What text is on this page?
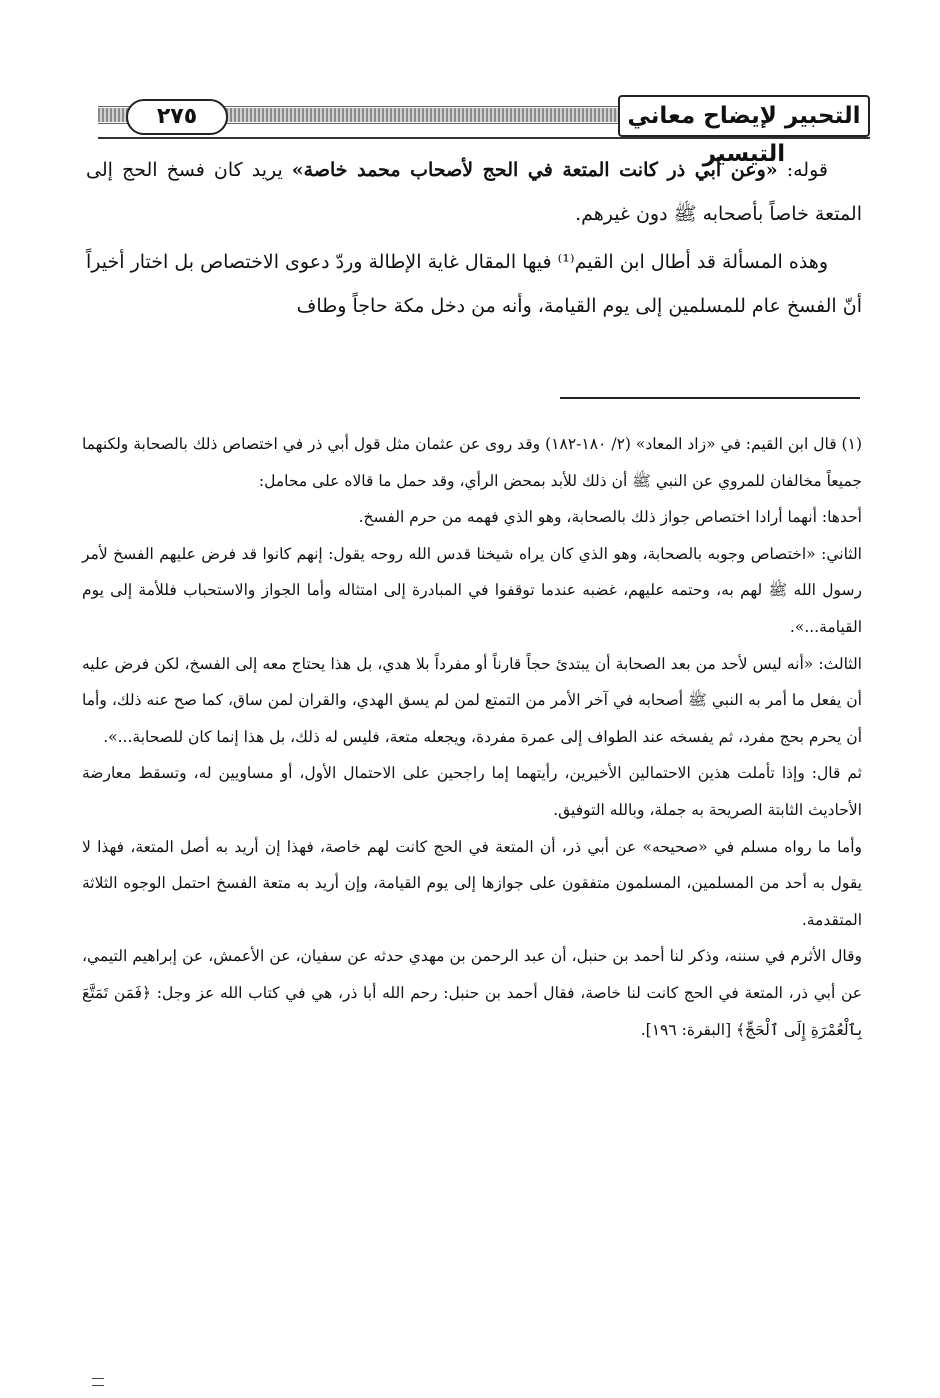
٢٧٥	التحبير لإيضاح معاني التيسير

قوله: «وعن أبي ذر كانت المتعة في الحج لأصحاب محمد خاصة» يريد كان فسخ الحج إلى المتعة خاصاً بأصحابه ﷺ دون غيرهم.

وهذه المسألة قد أطال ابن القيم⁽¹⁾ فيها المقال غاية الإطالة وردّ دعوى الاختصاص بل اختار أخيراً أنّ الفسخ عام للمسلمين إلى يوم القيامة، وأنه من دخل مكة حاجاً وطاف

(١) قال ابن القيم: في «زاد المعاد» (٢/ ١٨٠-١٨٢) وقد روى عن عثمان مثل قول أبي ذر في اختصاص ذلك بالصحابة ولكنهما جميعاً مخالفان للمروي عن النبي ﷺ أن ذلك للأبد بمحض الرأي، وقد حمل ما قالاه على محامل:

أحدها: أنهما أرادا اختصاص جواز ذلك بالصحابة، وهو الذي فهمه من حرم الفسخ.

الثاني: «اختصاص وجوبه بالصحابة، وهو الذي كان يراه شيخنا قدس الله روحه يقول: إنهم كانوا قد فرض عليهم الفسخ لأمر رسول الله ﷺ لهم به، وحتمه عليهم، غضبه عندما توقفوا في المبادرة إلى امتثاله وأما الجواز والاستحباب فللأمة إلى يوم القيامة...».

الثالث: «أنه ليس لأحد من بعد الصحابة أن يبتدئ حجاً قارناً أو مفرداً بلا هدي، بل هذا يحتاج معه إلى الفسخ، لكن فرض عليه أن يفعل ما أمر به النبي ﷺ أصحابه في آخر الأمر من التمتع لمن لم يسق الهدي، والقران لمن ساق، كما صح عنه ذلك، وأما أن يحرم بحج مفرد، ثم يفسخه عند الطواف إلى عمرة مفردة، ويجعله متعة، فليس له ذلك، بل هذا إنما كان للصحابة...».

ثم قال: وإذا تأملت هذين الاحتمالين الأخيرين، رأيتهما إما راجحين على الاحتمال الأول، أو مساويين له، وتسقط معارضة الأحاديث الثابتة الصريحة به جملة، وبالله التوفيق.

وأما ما رواه مسلم في «صحيحه» عن أبي ذر، أن المتعة في الحج كانت لهم خاصة، فهذا إن أريد به أصل المتعة، فهذا لا يقول به أحد من المسلمين، المسلمون متفقون على جوازها إلى يوم القيامة، وإن أريد به متعة الفسخ احتمل الوجوه الثلاثة المتقدمة.

وقال الأثرم في سننه، وذكر لنا أحمد بن حنبل، أن عبد الرحمن بن مهدي حدثه عن سفيان، عن الأعمش، عن إبراهيم التيمي، عن أبي ذر، المتعة في الحج كانت لنا خاصة، فقال أحمد بن حنبل: رحم الله أبا ذر، هي في كتاب الله عز وجل: ﴿فَمَن تَمَتَّعَ بِٱلْعُمْرَةِ إِلَى ٱلْحَجِّ﴾ [البقرة: ١٩٦].
